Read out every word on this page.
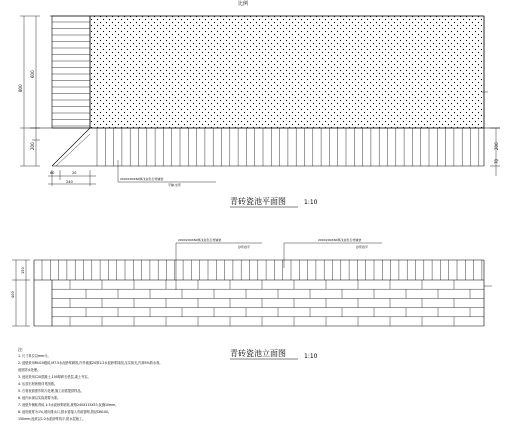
比例
800
600
200	200
70
60	20
240
200X200X60厚浅灰色石材铺装
平铺,坐浆
青砖瓷池平面图	1:10
150
400
200X200X60厚浅灰色石材铺装
砂浆找平
200X200X60厚浅灰色石材铺装
砂浆找平
青砖瓷池立面图	1:10
注:
1. 尺寸单位以mm计。
2. 池壁采用MU10级砖,M7.5水泥砂浆砌筑,内外墙面20厚1:2水泥砂浆抹面,压实抹光,内掺5%防水剂。
池底防水处理。
3. 池底采用C20混凝土,100厚碎石垫层,素土夯实。
4. 压顶石材规格详见图纸。
5. 石材表面需作防污处理,施工前需提供样品。
6. 池内水深以实际需要为准。
7. 池壁外侧贴青砖,1:3水泥砂浆粘贴,规格240X115X53,灰缝10mm。
8. 池底坡度为1%,坡向排水口,排水管接入市政管网,管径DN100。
150mm,池底以1:2水泥砂浆找平,防水层施工。
